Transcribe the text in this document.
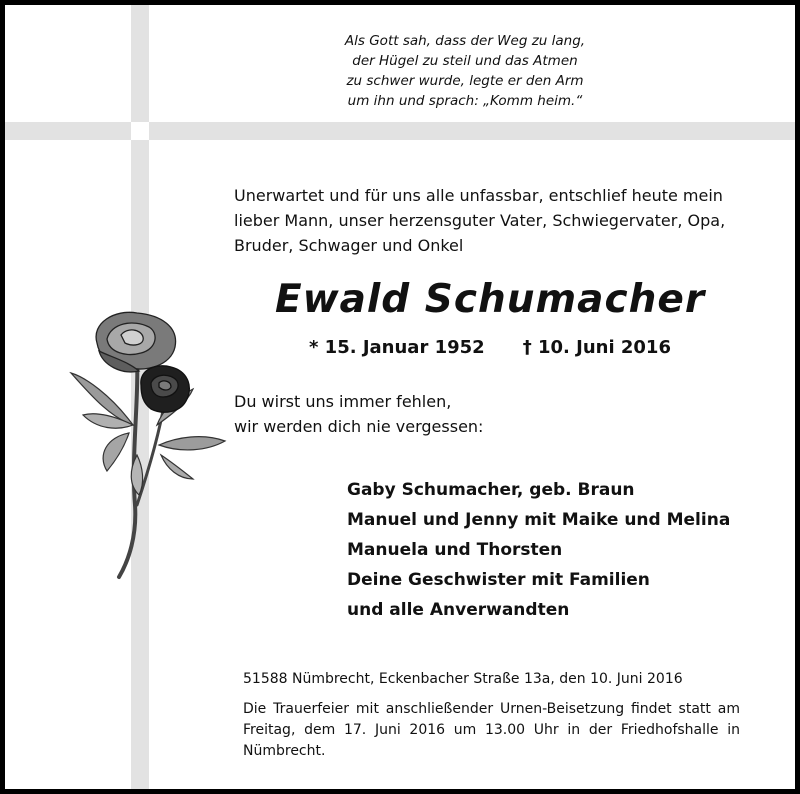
Als Gott sah, dass der Weg zu lang,
der Hügel zu steil und das Atmen
zu schwer wurde, legte er den Arm
um ihn und sprach: „Komm heim.“
Unerwartet und für uns alle unfassbar, entschlief heute mein
lieber Mann, unser herzensguter Vater, Schwiegervater, Opa,
Bruder, Schwager und Onkel
Ewald Schumacher
* 15. Januar 1952 † 10. Juni 2016
Du wirst uns immer fehlen,
wir werden dich nie vergessen:
Gaby Schumacher, geb. Braun
Manuel und Jenny mit Maike und Melina
Manuela und Thorsten
Deine Geschwister mit Familien
und alle Anverwandten
51588 Nümbrecht, Eckenbacher Straße 13a, den 10. Juni 2016
Die Trauerfeier mit anschließender Urnen-Beisetzung findet statt am Freitag, dem 17. Juni 2016 um 13.00 Uhr in der Friedhofshalle in Nümbrecht.
